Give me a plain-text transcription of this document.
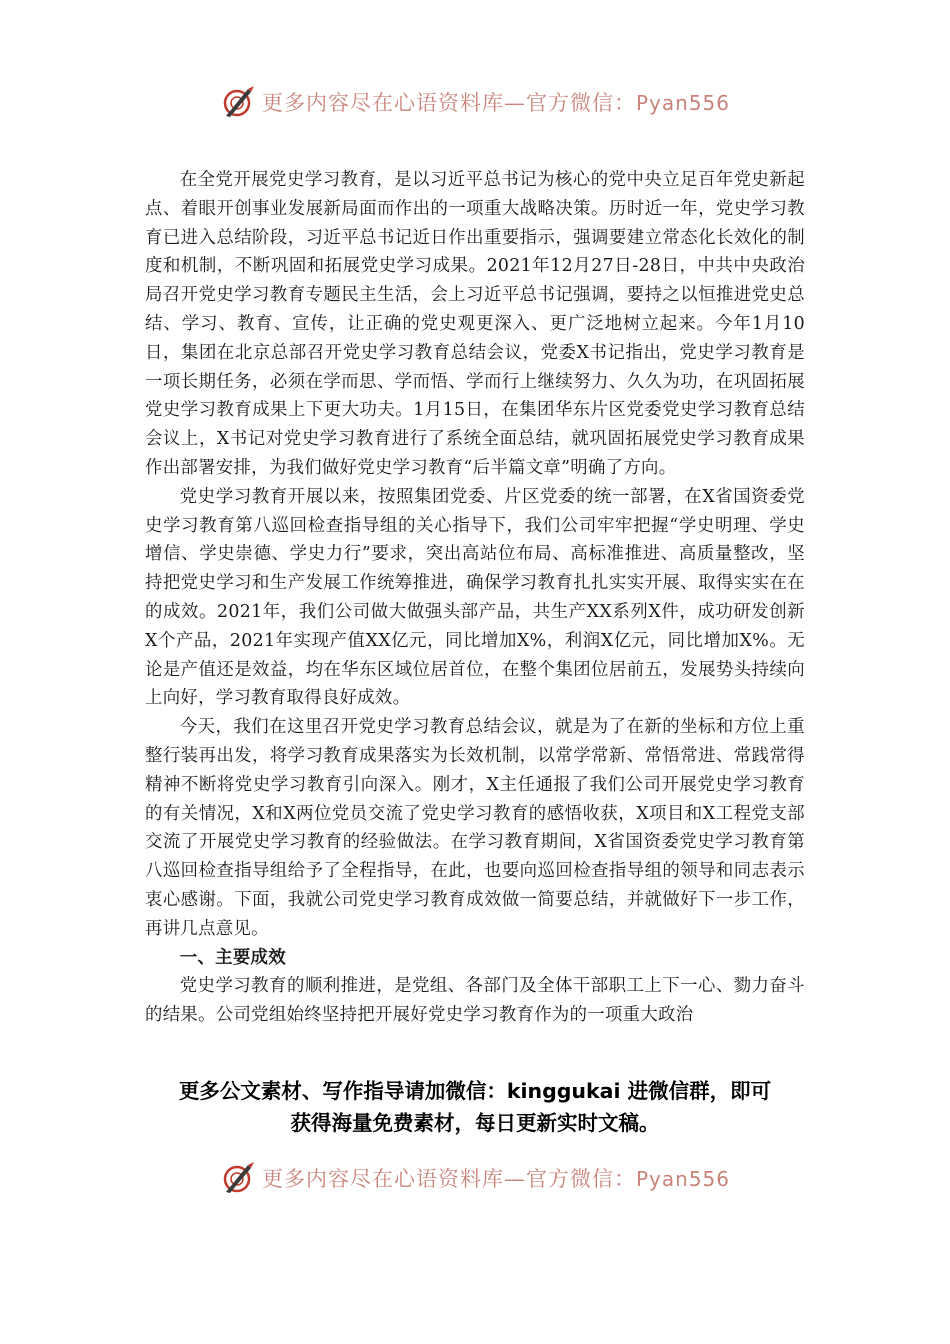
更多内容尽在心语资料库—官方微信：Pyan556

在全党开展党史学习教育，是以习近平总书记为核心的党中央立足百年党史新起点、着眼开创事业发展新局面而作出的一项重大战略决策。历时近一年，党史学习教育已进入总结阶段，习近平总书记近日作出重要指示，强调要建立常态化长效化的制度和机制，不断巩固和拓展党史学习成果。2021年12月27日-28日，中共中央政治局召开党史学习教育专题民主生活，会上习近平总书记强调，要持之以恒推进党史总结、学习、教育、宣传，让正确的党史观更深入、更广泛地树立起来。今年1月10日，集团在北京总部召开党史学习教育总结会议，党委X书记指出，党史学习教育是一项长期任务，必须在学而思、学而悟、学而行上继续努力、久久为功，在巩固拓展党史学习教育成果上下更大功夫。1月15日，在集团华东片区党委党史学习教育总结会议上，X书记对党史学习教育进行了系统全面总结，就巩固拓展党史学习教育成果作出部署安排，为我们做好党史学习教育“后半篇文章”明确了方向。

党史学习教育开展以来，按照集团党委、片区党委的统一部署，在X省国资委党史学习教育第八巡回检查指导组的关心指导下，我们公司牢牢把握“学史明理、学史增信、学史崇德、学史力行”要求，突出高站位布局、高标准推进、高质量整改，坚持把党史学习和生产发展工作统筹推进，确保学习教育扎扎实实开展、取得实实在在的成效。2021年，我们公司做大做强头部产品，共生产XX系列X件，成功研发创新X个产品，2021年实现产值XX亿元，同比增加X%，利润X亿元，同比增加X%。无论是产值还是效益，均在华东区域位居首位，在整个集团位居前五，发展势头持续向上向好，学习教育取得良好成效。

今天，我们在这里召开党史学习教育总结会议，就是为了在新的坐标和方位上重整行装再出发，将学习教育成果落实为长效机制，以常学常新、常悟常进、常践常得精神不断将党史学习教育引向深入。刚才，X主任通报了我们公司开展党史学习教育的有关情况，X和X两位党员交流了党史学习教育的感悟收获，X项目和X工程党支部交流了开展党史学习教育的经验做法。在学习教育期间，X省国资委党史学习教育第八巡回检查指导组给予了全程指导，在此，也要向巡回检查指导组的领导和同志表示衷心感谢。下面，我就公司党史学习教育成效做一简要总结，并就做好下一步工作，再讲几点意见。

一、主要成效

党史学习教育的顺利推进，是党组、各部门及全体干部职工上下一心、勠力奋斗的结果。公司党组始终坚持把开展好党史学习教育作为的一项重大政治

更多公文素材、写作指导请加微信：kinggukai 进微信群，即可
获得海量免费素材，每日更新实时文稿。
更多内容尽在心语资料库—官方微信：Pyan556
